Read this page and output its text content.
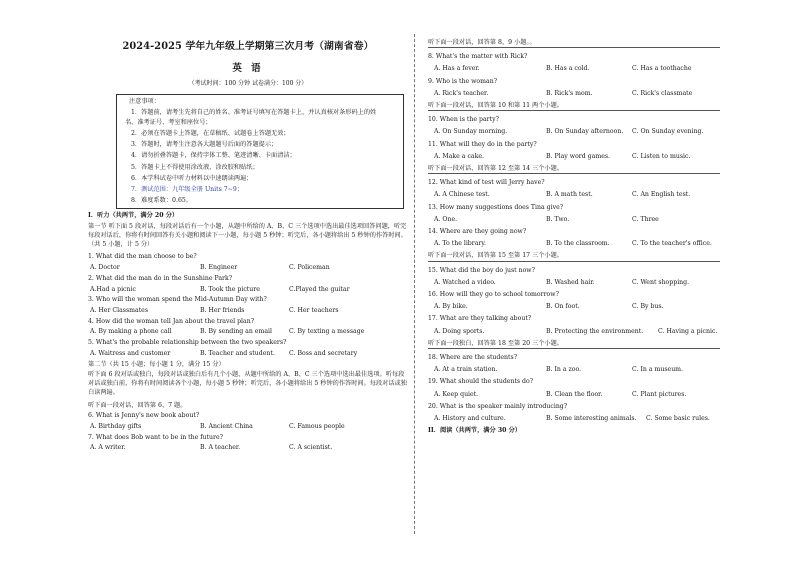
2024-2025 学年九年级上学期第三次月考（湖南省卷）
英 语
（考试时间：100 分钟 试卷满分：100 分）
注意事项：
1．答题前，请考生先将自己的姓名、准考证号填写在答题卡上，并认真核对条形码上的姓
名、准考证号、考室和座位号；
2．必须在答题卡上答题，在草稿纸、试题卷上答题无效；
3．答题时，请考生注意各大题题号后面的答题提示；
4．请勿折叠答题卡，保持字体工整、笔迹清晰、卡面清洁；
5．答题卡上不得使用涂改液、涂改胶和贴纸；
6．本学科试卷中听力材料以中速朗读两遍；
7．测试范围：九年级全册 Units 7~9；
8．难度系数：0.65。
I．听力（共两节，满分 20 分）
第一节 听下面 5 段对话，每段对话后有一个小题，从题中所给的 A、B、C 三个选项中选出最佳选项回答问题，听完每段对话后，你将有时间回答有关小题和阅读下一小题，每小题 5 秒钟；听完后，各小题将给出 5 秒钟的作答时间。（共 5 小题，计 5 分）
1. What did the man choose to be?
A. Doctor	B. Engineer	C. Policeman
2. What did the man do in the Sunshine Park?
A.Had a picnic	B. Took the picture	C.Played the guitar
3. Who will the woman spend the Mid-Autumn Day with?
A. Her Classmates	B. Her friends	C. Her teachers
4. How did the woman tell Jan about the travel plan?
A. By making a phone call	B. By sending an email	C. By texting a message
5. What's the probable relationship between the two speakers?
A. Waitress and customer	B. Teacher and student.	C. Boss and secretary
第二节（共 15 小题；每小题 1 分，满分 15 分）
听下面 6 段对话或独白，每段对话或独白后有几个小题，从题中所给的 A、B、C 三个选项中选出最佳选项。听每段对话或独白前，你将有时间阅读各个小题，每小题 5 秒钟；听完后，各小题将给出 5 秒钟的作答时间。每段对话或独白读两遍。
听下面一段对话，回答第 6、7 题。
6. What is Jenny's new book about?
A. Birthday gifts	B. Ancient China	C. Famous people
7. What does Bob want to be in the future?
A. A writer.	B. A teacher.	C. A scientist.
听下面一段对话，回答第 8、9 小题。。
8. What's the matter with Rick?
A. Has a fever.	B. Has a cold.	C. Has a toothache
9. Who is the woman?
A. Rick's teacher.	B. Rick's mom.	C. Rick's classmate
听下面一段对话，回答第 10 和第 11 两个小题。
10. When is the party?
A. On Sunday morning.	B. On Sunday afternoon.	C. On Sunday evening.
11. What will they do in the party?
A. Make a cake.	B. Play word games.	C. Listen to music.
听下面一段对话，回答第 12 至第 14 三个小题。
12. What kind of test will Jerry have?
A. A Chinese test.	B. A math test.	C. An English test.
13. How many suggestions does Tina give?
A. One.	B. Two.	C. Three
14. Where are they going now?
A. To the library.	B. To the classroom.	C. To the teacher's office.
听下面一段对话，回答第 15 至第 17 三个小题。
15. What did the boy do just now?
A. Watched a video.	B. Washed hair.	C. Went shopping.
16. How will they go to school tomorrow?
A. By bike.	B. On foot.	C. By bus.
17. What are they talking about?
A. Doing sports.	B. Protecting the environment.	C. Having a picnic.
听下面一段独白，回答第 18 至第 20 三个小题。
18. Where are the students?
A. At a train station.	B. In a zoo.	C. In a museum.
19. What should the students do?
A. Keep quiet.	B. Clean the floor.	C. Plant pictures.
20. What is the speaker mainly introducing?
A. History and culture.	B. Some interesting animals.	C. Some basic rules.
II．阅读（共两节，满分 30 分）
